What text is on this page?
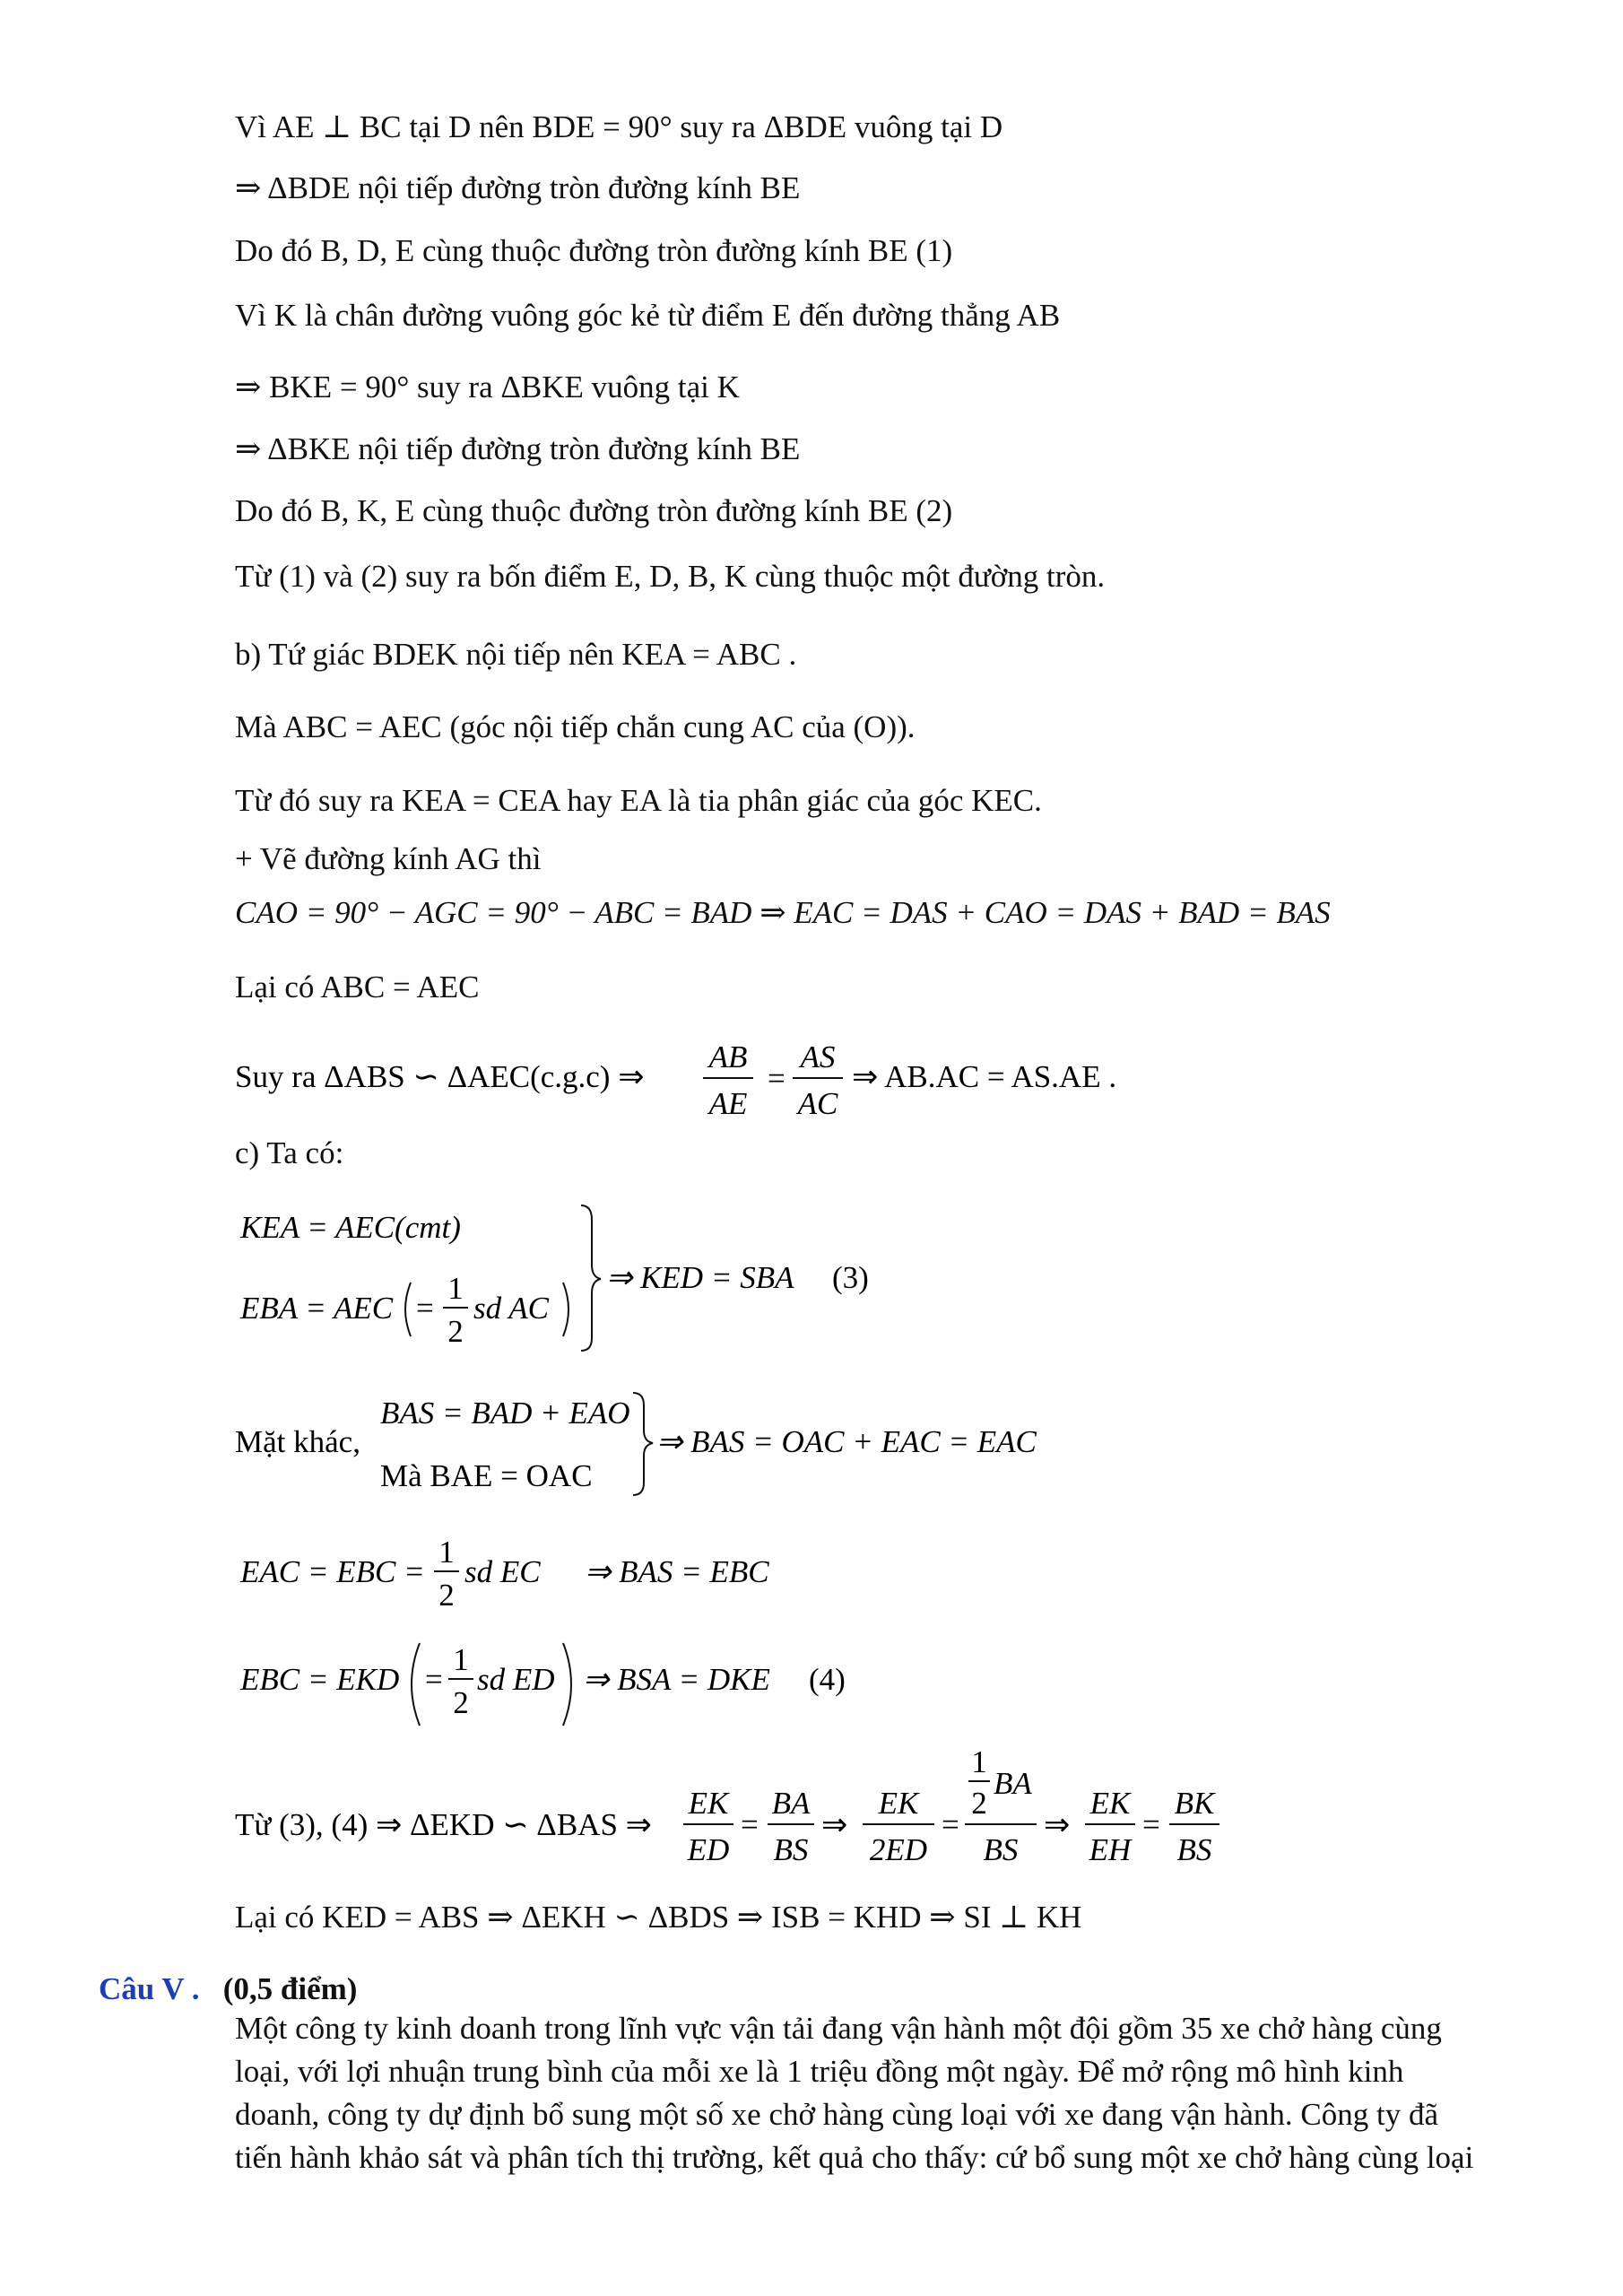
Vì AE ⊥ BC tại D nên BDE = 90° suy ra ΔBDE vuông tại D
⇒ ΔBDE nội tiếp đường tròn đường kính BE
Do đó B, D, E cùng thuộc đường tròn đường kính BE (1)
Vì K là chân đường vuông góc kẻ từ điểm E đến đường thẳng AB
⇒ BKE = 90° suy ra ΔBKE vuông tại K
⇒ ΔBKE nội tiếp đường tròn đường kính BE
Do đó B, K, E cùng thuộc đường tròn đường kính BE (2)
Từ (1) và (2) suy ra bốn điểm E, D, B, K cùng thuộc một đường tròn.
b) Tứ giác BDEK nội tiếp nên KEA = ABC .
Mà ABC = AEC (góc nội tiếp chắn cung AC của (O)).
Từ đó suy ra KEA = CEA hay EA là tia phân giác của góc KEC.
+ Vẽ đường kính AG thì
CAO = 90° − AGC = 90° − ABC = BAD ⇒ EAC = DAS + CAO = DAS + BAD = BAS
Lại có ABC = AEC
Suy ra ΔABS ∽ ΔAEC(c.g.c) ⇒
AB
AE
=
AS
AC
⇒ AB.AC = AS.AE .
c) Ta có:
KEA = AEC(cmt)
EBA = AEC =
1
2
sd AC
⇒ KED = SBA (3)
Mặt khác,
BAS = BAD + EAO
Mà BAE = OAC
⇒ BAS = OAC + EAC = EAC
EAC = EBC =
1
2
sd EC ⇒ BAS = EBC
EBC = EKD =
1
2
sd ED ⇒ BSA = DKE (4)
Từ (3), (4) ⇒ ΔEKD ∽ ΔBAS ⇒
EK
ED
=
BA
BS
⇒
EK
2ED
=
1
2
BA
BS
⇒
EK
EH
=
BK
BS
Lại có KED = ABS ⇒ ΔEKH ∽ ΔBDS ⇒ ISB = KHD ⇒ SI ⊥ KH
Câu V . (0,5 điểm)
Một công ty kinh doanh trong lĩnh vực vận tải đang vận hành một đội gồm 35 xe chở hàng cùng
loại, với lợi nhuận trung bình của mỗi xe là 1 triệu đồng một ngày. Để mở rộng mô hình kinh
doanh, công ty dự định bổ sung một số xe chở hàng cùng loại với xe đang vận hành. Công ty đã
tiến hành khảo sát và phân tích thị trường, kết quả cho thấy: cứ bổ sung một xe chở hàng cùng loại
